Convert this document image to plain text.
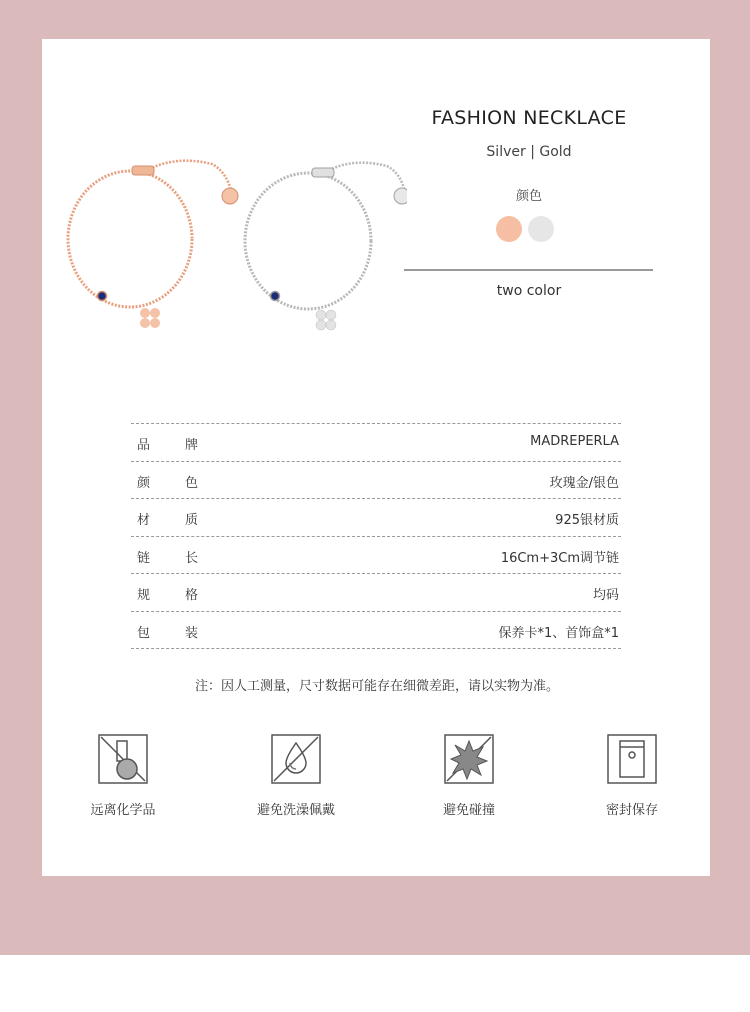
FASHION NECKLACE
Silver | Gold
颜色
two color
品牌	MADREPERLA
颜色	玫瑰金/银色
材质	925银材质
链长	16Cm+3Cm调节链
规格	均码
包装	保养卡*1、首饰盒*1
注：因人工测量，尺寸数据可能存在细微差距，请以实物为准。
远离化学品	避免洗澡佩戴	避免碰撞	密封保存
